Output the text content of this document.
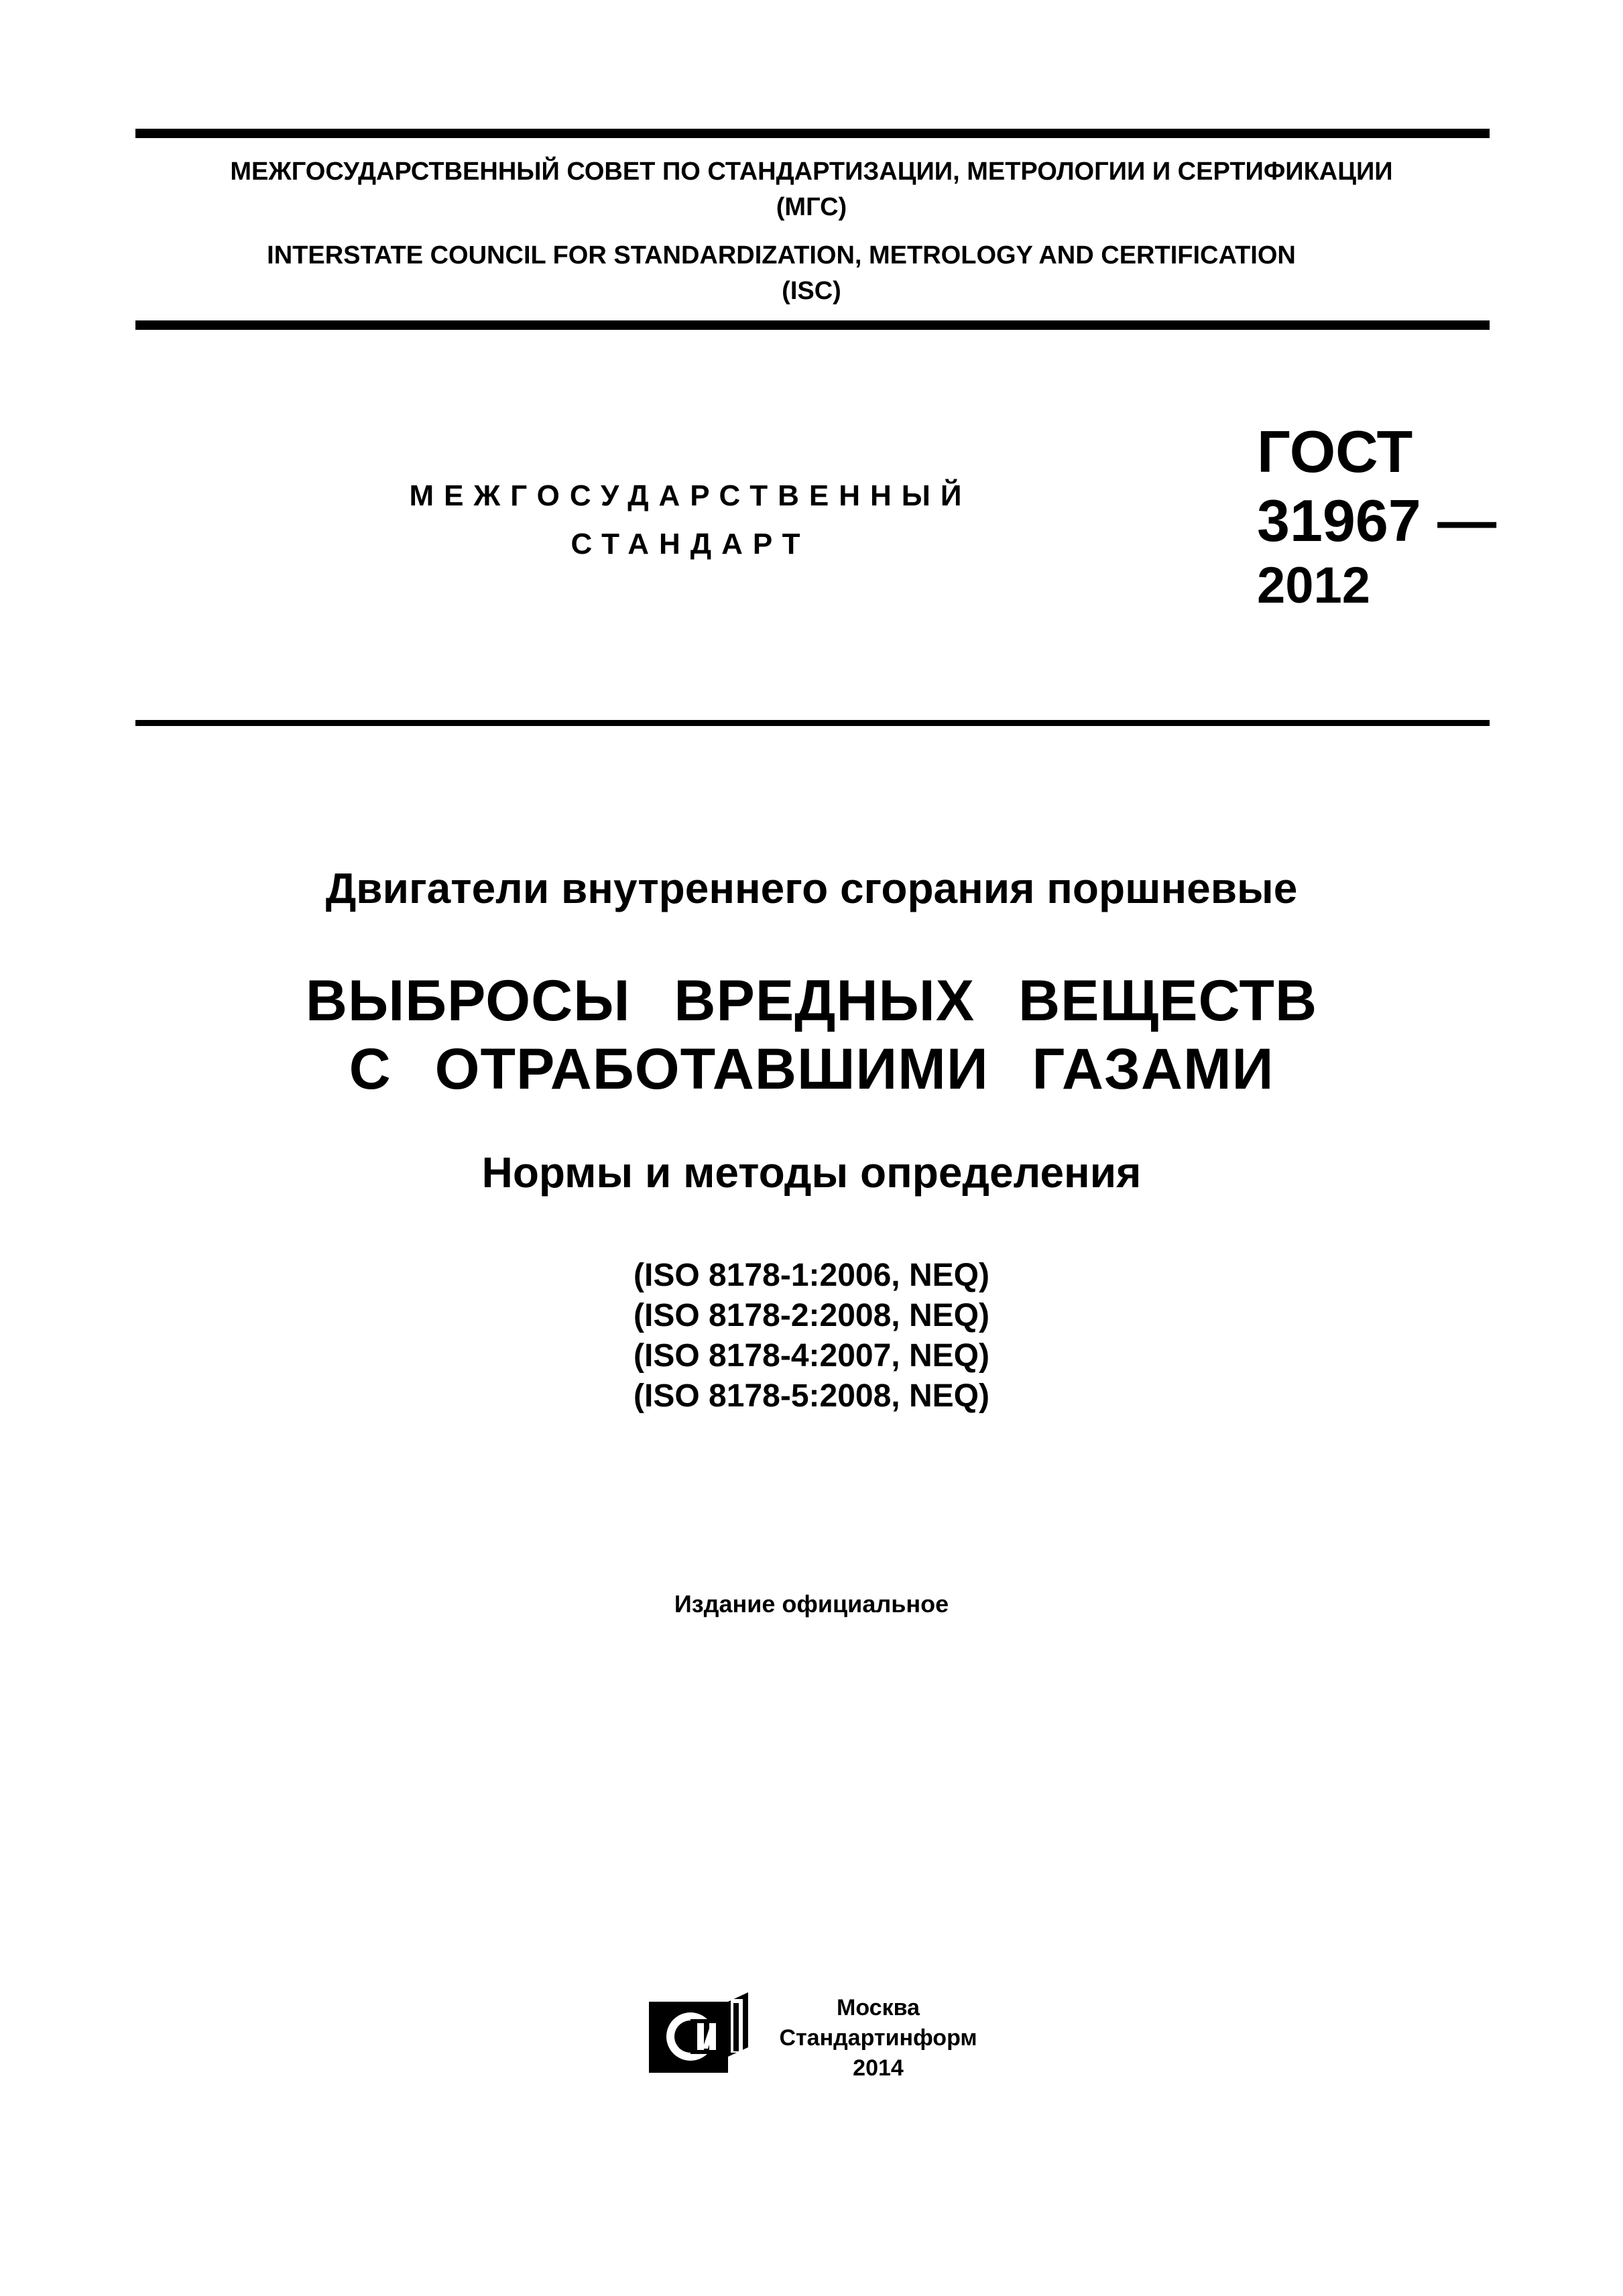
МЕЖГОСУДАРСТВЕННЫЙ СОВЕТ ПО СТАНДАРТИЗАЦИИ, МЕТРОЛОГИИ И СЕРТИФИКАЦИИ
(МГС)
INTERSTATE COUNCIL FOR STANDARDIZATION, METROLOGY AND CERTIFICATION
(ISC)
МЕЖГОСУДАРСТВЕННЫЙ
СТАНДАРТ
ГОСТ
31967 —
2012
Двигатели внутреннего сгорания поршневые
ВЫБРОСЫ ВРЕДНЫХ ВЕЩЕСТВ
С ОТРАБОТАВШИМИ ГАЗАМИ
Нормы и методы определения
(ISO 8178-1:2006, NEQ)
(ISO 8178-2:2008, NEQ)
(ISO 8178-4:2007, NEQ)
(ISO 8178-5:2008, NEQ)
Издание официальное
Москва
Стандартинформ
2014
